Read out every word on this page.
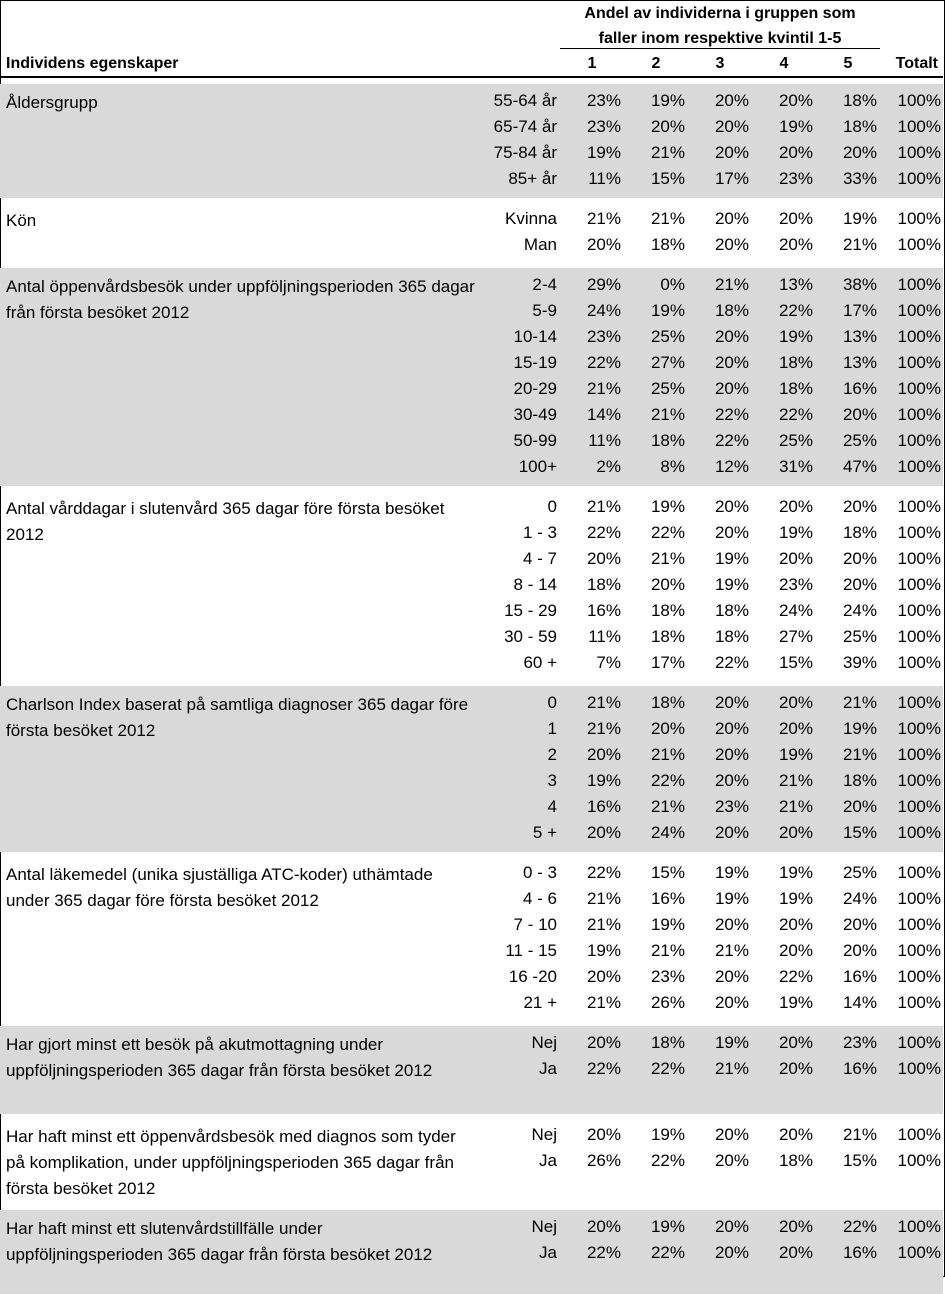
Andel av individerna i gruppen som
faller inom respektive kvintil 1-5
Individens egenskaper	1	2	3	4	5	Totalt
Åldersgrupp	55-64 år 23% 19% 20% 20% 18% 100%
65-74 år 23% 20% 20% 19% 18% 100%
75-84 år 19% 21% 20% 20% 20% 100%
85+ år 11% 15% 17% 23% 33% 100%
Kön	Kvinna 21% 21% 20% 20% 19% 100%
Man 20% 18% 20% 20% 21% 100%
Antal öppenvårdsbesök under uppföljningsperioden 365 dagar från första besöket 2012
2-4 29% 0% 21% 13% 38% 100%
5-9 24% 19% 18% 22% 17% 100%
10-14 23% 25% 20% 19% 13% 100%
15-19 22% 27% 20% 18% 13% 100%
20-29 21% 25% 20% 18% 16% 100%
30-49 14% 21% 22% 22% 20% 100%
50-99 11% 18% 22% 25% 25% 100%
100+ 2% 8% 12% 31% 47% 100%
Antal vårddagar i slutenvård 365 dagar före första besöket 2012
0 21% 19% 20% 20% 20% 100%
1 - 3 22% 22% 20% 19% 18% 100%
4 - 7 20% 21% 19% 20% 20% 100%
8 - 14 18% 20% 19% 23% 20% 100%
15 - 29 16% 18% 18% 24% 24% 100%
30 - 59 11% 18% 18% 27% 25% 100%
60 + 7% 17% 22% 15% 39% 100%
Charlson Index baserat på samtliga diagnoser 365 dagar före första besöket 2012
0 21% 18% 20% 20% 21% 100%
1 21% 20% 20% 20% 19% 100%
2 20% 21% 20% 19% 21% 100%
3 19% 22% 20% 21% 18% 100%
4 16% 21% 23% 21% 20% 100%
5 + 20% 24% 20% 20% 15% 100%
Antal läkemedel (unika sjuställiga ATC-koder) uthämtade under 365 dagar före första besöket 2012
0 - 3 22% 15% 19% 19% 25% 100%
4 - 6 21% 16% 19% 19% 24% 100%
7 - 10 21% 19% 20% 20% 20% 100%
11 - 15 19% 21% 21% 20% 20% 100%
16 -20 20% 23% 20% 22% 16% 100%
21 + 21% 26% 20% 19% 14% 100%
Har gjort minst ett besök på akutmottagning under uppföljningsperioden 365 dagar från första besöket 2012
Nej 20% 18% 19% 20% 23% 100%
Ja 22% 22% 21% 20% 16% 100%
Har haft minst ett öppenvårdsbesök med diagnos som tyder på komplikation, under uppföljningsperioden 365 dagar från första besöket 2012
Nej 20% 19% 20% 20% 21% 100%
Ja 26% 22% 20% 18% 15% 100%
Har haft minst ett slutenvårdstillfälle under uppföljningsperioden 365 dagar från första besöket 2012
Nej 20% 19% 20% 20% 22% 100%
Ja 22% 22% 20% 20% 16% 100%
